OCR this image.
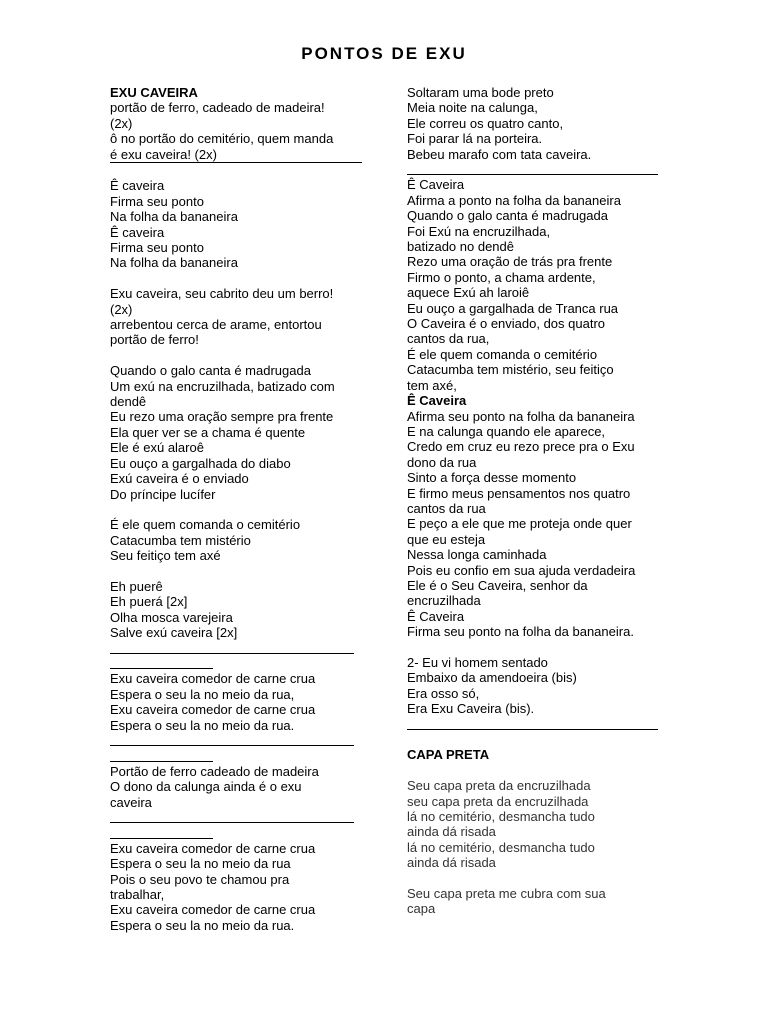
PONTOS DE EXU
EXU CAVEIRA
portão de ferro, cadeado de madeira!
(2x)
ô no portão do cemitério, quem manda
é exu caveira! (2x)
Ê caveira
Firma seu ponto
Na folha da bananeira
Ê caveira
Firma seu ponto
Na folha da bananeira
Exu caveira, seu cabrito deu um berro!
(2x)
arrebentou cerca de arame, entortou
portão de ferro!
Quando o galo canta é madrugada
Um exú na encruzilhada, batizado com
dendê
Eu rezo uma oração sempre pra frente
Ela quer ver se a chama é quente
Ele é exú alaroê
Eu ouço a gargalhada do diabo
Exú caveira é o enviado
Do príncipe lucífer
É ele quem comanda o cemitério
Catacumba tem mistério
Seu feitiço tem axé
Eh puerê
Eh puerá [2x]
Olha mosca varejeira
Salve exú caveira [2x]
Exu caveira comedor de carne crua
Espera o seu la no meio da rua,
Exu caveira comedor de carne crua
Espera o seu la no meio da rua.
Portão de ferro cadeado de madeira
O dono da calunga ainda é o exu
caveira
Exu caveira comedor de carne crua
Espera o seu la no meio da rua
Pois o seu povo te chamou pra
trabalhar,
Exu caveira comedor de carne crua
Espera o seu la no meio da rua.
Soltaram uma bode preto
Meia noite na calunga,
Ele correu os quatro canto,
Foi parar lá na porteira.
Bebeu marafo com tata caveira.
Ê Caveira
Afirma a ponto na folha da bananeira
Quando o galo canta é madrugada
Foi Exú na encruzilhada,
batizado no dendê
Rezo uma oração de trás pra frente
Firmo o ponto, a chama ardente,
aquece Exú ah laroiê
Eu ouço a gargalhada de Tranca rua
O Caveira é o enviado, dos quatro
cantos da rua,
É ele quem comanda o cemitério
Catacumba tem mistério, seu feitiço
tem axé,
Ê Caveira
Afirma seu ponto na folha da bananeira
E na calunga quando ele aparece,
Credo em cruz eu rezo prece pra o Exu
dono da rua
Sinto a força desse momento
E firmo meus pensamentos nos quatro
cantos da rua
E peço a ele que me proteja onde quer
que eu esteja
Nessa longa caminhada
Pois eu confio em sua ajuda verdadeira
Ele é o Seu Caveira, senhor da
encruzilhada
Ê Caveira
Firma seu ponto na folha da bananeira.
2- Eu vi homem sentado
Embaixo da amendoeira (bis)
Era osso só,
Era Exu Caveira (bis).
CAPA PRETA
Seu capa preta da encruzilhada
seu capa preta da encruzilhada
lá no cemitério, desmancha tudo
ainda dá risada
lá no cemitério, desmancha tudo
ainda dá risada
Seu capa preta me cubra com sua
capa
